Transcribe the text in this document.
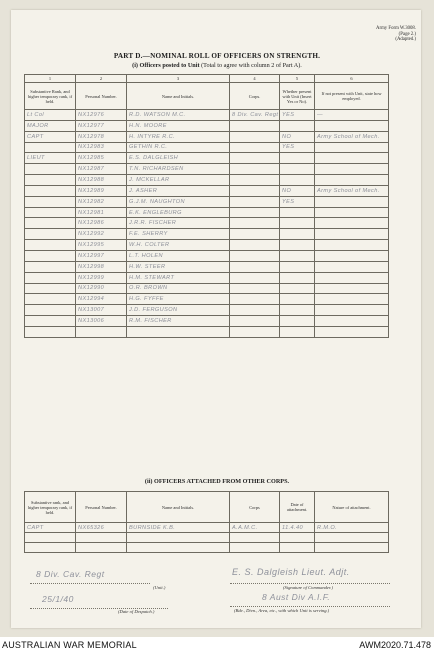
Army Form W.3008.
(Page 2.)
(Adapted.)
PART D.—NOMINAL ROLL OF OFFICERS ON STRENGTH.
(i) Officers posted to Unit (Total to agree with column 2 of Part A).
1	2	3	4	5	6
Substantive Rank, and higher temporary rank, if held.	Personal Number.	Name and Initials.	Corps.	Whether present with Unit (Insert Yes or No).	If not present with Unit, state how employed.
Lt Col	NX12976	R.D. WATSON M.C.	8 Div. Cav. Regt	YES	—
MAJOR	NX12977	H.N. MOORE			
CAPT	NX12978	H. INTYRE R.C.		NO	Army School of Mech.
	NX12983	GETHIN R.C.		YES	
LIEUT	NX12985	E.S. DALGLEISH			
	NX12987	T.N. RICHARDSEN			
	NX12988	J. MCKELLAR			
	NX12989	J. ASHER		NO	Army School of Mech.
	NX12982	G.J.M. NAUGHTON		YES	
	NX12981	E.K. ENGLEBURG			
	NX12986	J.R.R. FISCHER			
	NX12992	F.E. SHERRY			
	NX12995	W.H. COLTER			
	NX12997	L.T. HOLEN			
	NX12998	H.W. STEER			
	NX12999	H.M. STEWART			
	NX12990	O.R. BROWN			
	NX12994	H.G. FYFFE			
	NX13007	J.D. FERGUSON			
	NX13006	R.M. FISCHER			

(ii) OFFICERS ATTACHED FROM OTHER CORPS.
Substantive rank, and higher temporary rank, if held.	Personal Number.	Name and Initials.	Corps	Date of attachment.	Nature of attachment.
CAPT	NX65326	BURNSIDE K.B.	A.A.M.C.	11.4.40	R.M.O.

8 Div. Cav. Regt
(Unit.)
25/1/40
(Date of Despatch.)
E. S. Dalgleish Lieut. Adjt.
(Signature of Commander.)
8 Aust Div A.I.F.
(Bde., Divn., Area, etc., with which Unit is serving.)
AUSTRALIAN WAR MEMORIAL	AWM2020.71.478
